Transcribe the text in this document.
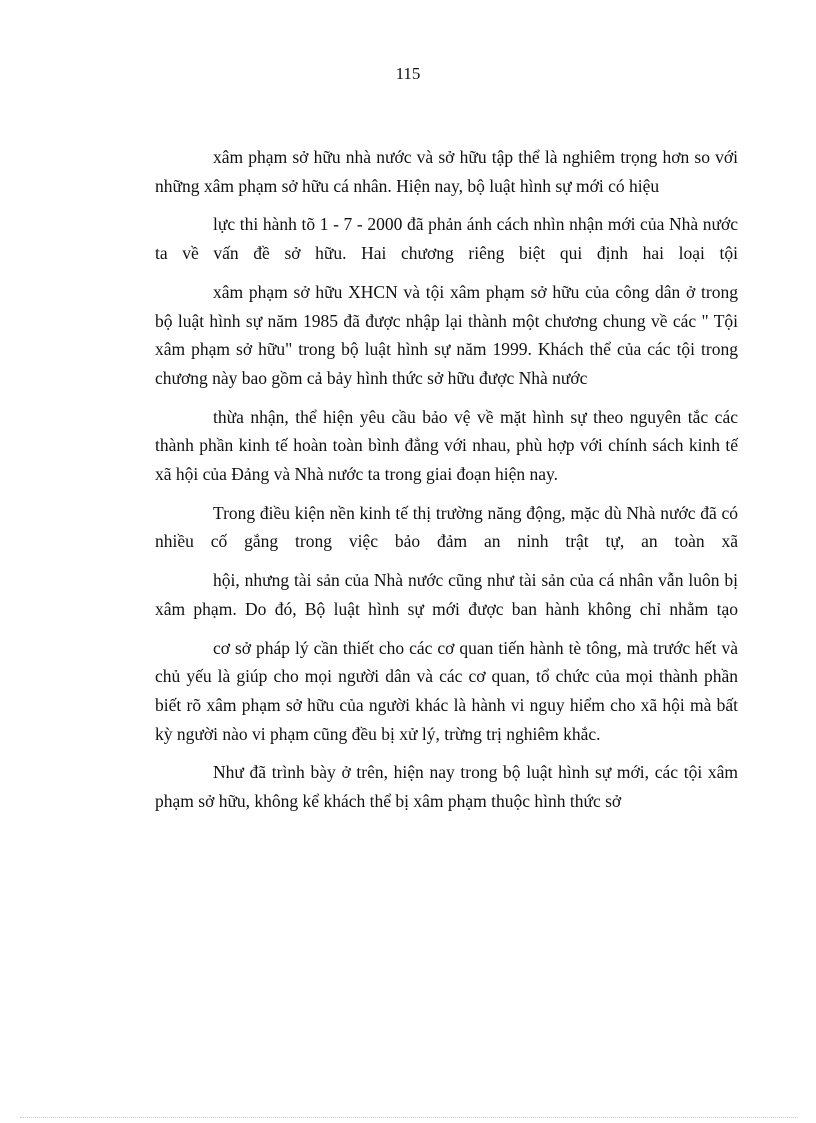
115

xâm phạm sở hữu nhà nước và sở hữu tập thể là nghiêm trọng hơn so với những xâm phạm sở hữu cá nhân. Hiện nay, bộ luật hình sự mới có hiệu

lực thi hành tõ 1 - 7 - 2000 đã phản ánh cách nhìn nhận mới của Nhà nước ta về vấn đề sở hữu. Hai chương riêng biệt qui định hai loại tội

xâm phạm sở hữu XHCN và tội xâm phạm sở hữu của công dân ở trong bộ luật hình sự năm 1985 đã được nhập lại thành một chương chung về các " Tội xâm phạm sở hữu" trong bộ luật hình sự năm 1999. Khách thể của các tội trong chương này bao gồm cả bảy hình thức sở hữu được Nhà nước

thừa nhận, thể hiện yêu cầu bảo vệ về mặt hình sự theo nguyên tắc các thành phần kinh tế hoàn toàn bình đẳng với nhau, phù hợp với chính sách kinh tế xã hội của Đảng và Nhà nước ta trong giai đoạn hiện nay.

Trong điều kiện nền kinh tế thị trường năng động, mặc dù Nhà nước đã có nhiều cố gắng trong việc bảo đảm an ninh trật tự, an toàn xã

hội, nhưng tài sản của Nhà nước cũng như tài sản của cá nhân vẫn luôn bị xâm phạm. Do đó, Bộ luật hình sự mới được ban hành không chỉ nhằm tạo

cơ sở pháp lý cần thiết cho các cơ quan tiến hành tè tông, mà trước hết và chủ yếu là giúp cho mọi người dân và các cơ quan, tổ chức của mọi thành phần biết rõ xâm phạm sở hữu của người khác là hành vi nguy hiểm cho xã hội mà bất kỳ người nào vi phạm cũng đều bị xử lý, trừng trị nghiêm khắc.

Như đã trình bày ở trên, hiện nay trong bộ luật hình sự mới, các tội xâm phạm sở hữu, không kể khách thể bị xâm phạm thuộc hình thức sở
